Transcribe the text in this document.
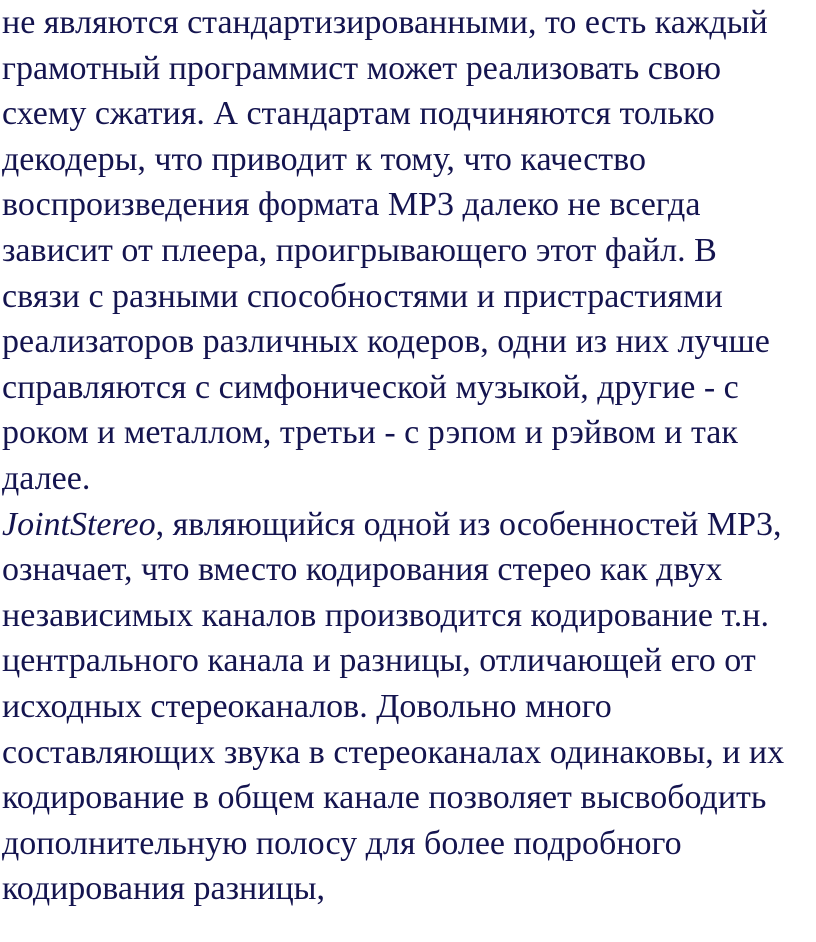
не являются стандартизированными, то есть каждый
грамотный программист может реализовать свою
схему сжатия. А стандартам подчиняются только
декодеры, что приводит к тому, что качество
воспроизведения формата MP3 далеко не всегда
зависит от плеера, проигрывающего этот файл. В
связи с разными способностями и пристрастиями
реализаторов различных кодеров, одни из них лучше
справляются с симфонической музыкой, другие - с
роком и металлом, третьи - с рэпом и рэйвом и так
далее.
JointStereo, являющийся одной из особенностей MP3,
означает, что вместо кодирования стерео как двух
независимых каналов производится кодирование т.н.
центрального канала и разницы, отличающей его от
исходных стереоканалов. Довольно много
составляющих звука в стереоканалах одинаковы, и их
кодирование в общем канале позволяет высвободить
дополнительную полосу для более подробного
кодирования разницы,
